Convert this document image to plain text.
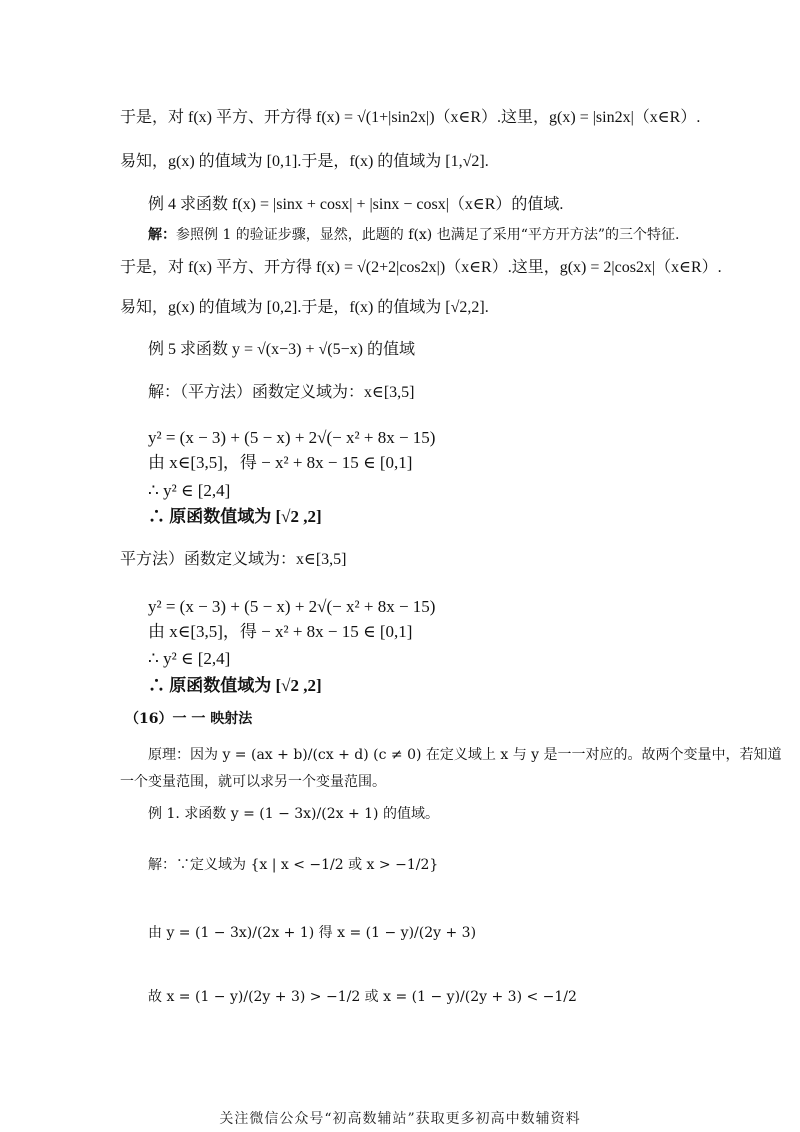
于是，对 f(x) 平方、开方得 f(x) = √(1+|sin2x|)（x∈R）.这里，g(x) = |sin2x|（x∈R）.
易知，g(x) 的值域为 [0,1].于是，f(x) 的值域为 [1,√2].
例 4 求函数 f(x) = |sinx + cosx| + |sinx − cosx|（x∈R）的值域.
解：参照例 1 的验证步骤，显然，此题的 f(x) 也满足了采用“平方开方法”的三个特征.
于是，对 f(x) 平方、开方得 f(x) = √(2+2|cos2x|)（x∈R）.这里，g(x) = 2|cos2x|（x∈R）.
易知，g(x) 的值域为 [0,2].于是，f(x) 的值域为 [√2,2].
例 5 求函数 y = √(x−3) + √(5−x) 的值域
解：（平方法）函数定义域为：x∈[3,5]
y² = (x − 3) + (5 − x) + 2√(− x² + 8x − 15)
由 x∈[3,5]，得 − x² + 8x − 15 ∈ [0,1]
∴ y² ∈ [2,4]
∴ 原函数值域为 [√2 ,2]
平方法）函数定义域为：x∈[3,5]
y² = (x − 3) + (5 − x) + 2√(− x² + 8x − 15)
由 x∈[3,5]，得 − x² + 8x − 15 ∈ [0,1]
∴ y² ∈ [2,4]
∴ 原函数值域为 [√2 ,2]
（16）一 一 映射法
原理：因为 y = (ax + b)/(cx + d) (c ≠ 0) 在定义域上 x 与 y 是一一对应的。故两个变量中，若知道
一个变量范围，就可以求另一个变量范围。
例 1. 求函数 y = (1 − 3x)/(2x + 1) 的值域。
解：∵定义域为 {x | x < −1/2 或 x > −1/2}
由 y = (1 − 3x)/(2x + 1) 得 x = (1 − y)/(2y + 3)
故 x = (1 − y)/(2y + 3) > −1/2 或 x = (1 − y)/(2y + 3) < −1/2
关注微信公众号“初高数辅站”获取更多初高中数辅资料
